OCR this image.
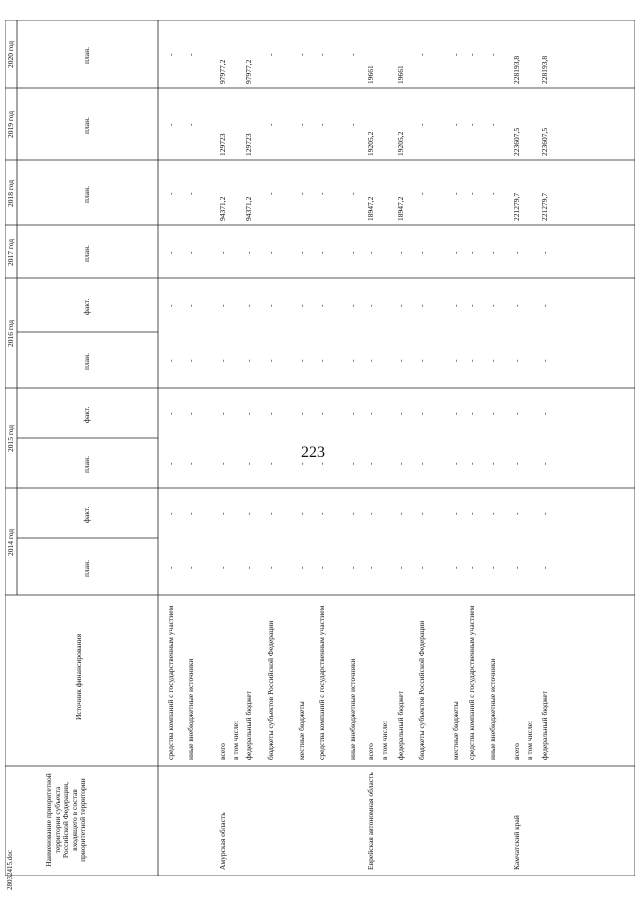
223
28032415.doc
Наименование приоритетной территории субъекта Российской Федерации, входящего в состав приоритетной территории
Источник финансирования
2014 год
2015 год
2016 год
2017 год
2018 год
2019 год
2020 год
план.
факт.
план.
факт.
план.
факт.
план.
план.
план.
план.
средства компаний с государственным участием
-
-
-
-
-
-
-
-
-
-
иные внебюджетные источники
-
-
-
-
-
-
-
-
-
-
Амурская область
всего
-
-
-
-
-
-
-
94371,2
129723
97977,2
в том числе: федеральный бюджет
-
-
-
-
-
-
-
94371,2
129723
97977,2
бюджеты субъектов Российской Федерации
-
-
-
-
-
-
-
-
-
-
местные бюджеты
-
-
-
-
-
-
-
-
-
-
средства компаний с государственным участием
-
-
-
-
-
-
-
-
-
-
иные внебюджетные источники
-
-
-
-
-
-
-
-
-
-
Еврейская автономная область
всего
-
-
-
-
-
-
-
18947,2
19205,2
19661
в том числе: федеральный бюджет
-
-
-
-
-
-
-
18947,2
19205,2
19661
бюджеты субъектов Российской Федерации
-
-
-
-
-
-
-
-
-
-
местные бюджеты
-
-
-
-
-
-
-
-
-
-
средства компаний с государственным участием
-
-
-
-
-
-
-
-
-
-
иные внебюджетные источники
-
-
-
-
-
-
-
-
-
-
Камчатский край
всего
-
-
-
-
-
-
-
221279,7
223607,5
228193,8
в том числе: федеральный бюджет
-
-
-
-
-
-
-
221279,7
223607,5
228193,8
